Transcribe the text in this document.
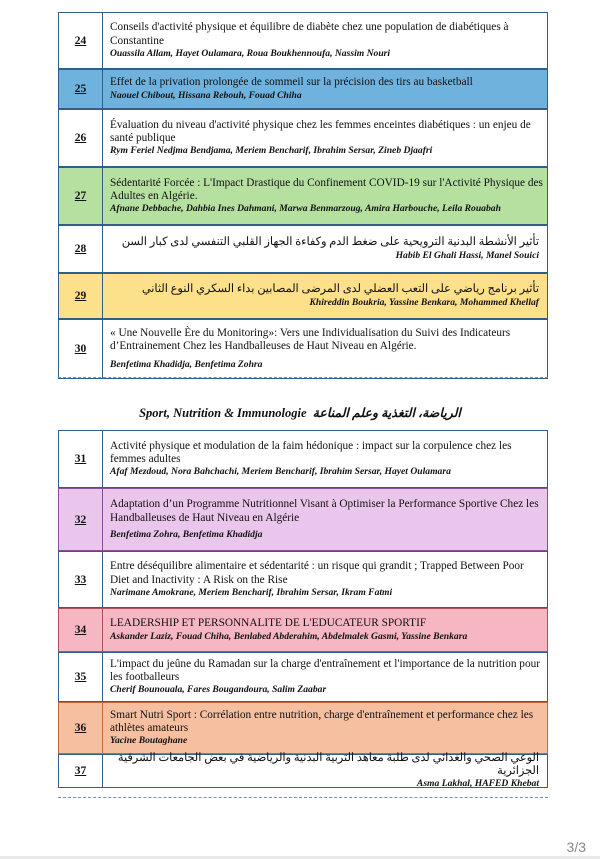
24
Conseils d'activité physique et équilibre de diabète chez une population de diabétiques à Constantine
Ouassila Allam, Hayet Oulamara, Roua Boukhennoufa, Nassim Nouri
25
Effet de la privation prolongée de sommeil sur la précision des tirs au basketball
Naouel Chibout, Hissana Rebouh, Fouad Chiha
26
Évaluation du niveau d'activité physique chez les femmes enceintes diabétiques : un enjeu de santé publique
Rym Feriel Nedjma Bendjama, Meriem Bencharif, Ibrahim Sersar, Zineb Djaafri
27
Sédentarité Forcée : L'Impact Drastique du Confinement COVID-19 sur l'Activité Physique des Adultes en Algérie.
Afnane Debbache, Dahbia Ines Dahmani, Marwa Benmarzoug, Amira Harbouche, Leila Rouabah
28
تأثير الأنشطة البدنية الترويحية على ضغط الدم وكفاءة الجهاز القلبي التنفسي لدى كبار السن
Habib El Ghali Hassi, Manel Souici
29
تأثير برنامج رياضي على التعب العضلي لدى المرضى المصابين بداء السكري النوع الثاني
Khireddin Boukria, Yassine Benkara, Mohammed Khellaf
30
« Une Nouvelle Ère du Monitoring»: Vers une Individualisation du Suivi des Indicateurs d’Entrainement Chez les Handballeuses de Haut Niveau en Algérie.
Benfetima Khadidja, Benfetima Zohra
Sport, Nutrition & Immunologie الرياضة، التغذية وعلم المناعة
31
Activité physique et modulation de la faim hédonique : impact sur la corpulence chez les femmes adultes
Afaf Mezdoud, Nora Bahchachi, Meriem Bencharif, Ibrahim Sersar, Hayet Oulamara
32
Adaptation d’un Programme Nutritionnel Visant à Optimiser la Performance Sportive Chez les Handballeuses de Haut Niveau en Algérie
Benfetima Zohra, Benfetima Khadidja
33
Entre déséquilibre alimentaire et sédentarité : un risque qui grandit ; Trapped Between Poor Diet and Inactivity : A Risk on the Rise
Narimane Amokrane, Meriem Bencharif, Ibrahim Sersar, Ikram Fatmi
34
LEADERSHIP ET PERSONNALITE DE L'EDUCATEUR SPORTIF
Askander Laziz, Fouad Chiha, Benlabed Abderahim, Abdelmalek Gasmi, Yassine Benkara
35
L'impact du jeûne du Ramadan sur la charge d'entraînement et l'importance de la nutrition pour les footballeurs
Cherif Bounouala, Fares Bougandoura, Salim Zaabar
36
Smart Nutri Sport : Corrélation entre nutrition, charge d'entraînement et performance chez les athlètes amateurs
Yacine Boutaghane
37
الوعي الصحي والغذائي لدى طلبة معاهد التربية البدنية والرياضية في بعض الجامعات الشرقية الجزائرية
Asma Lakhal, HAFED Khebat
3/3
